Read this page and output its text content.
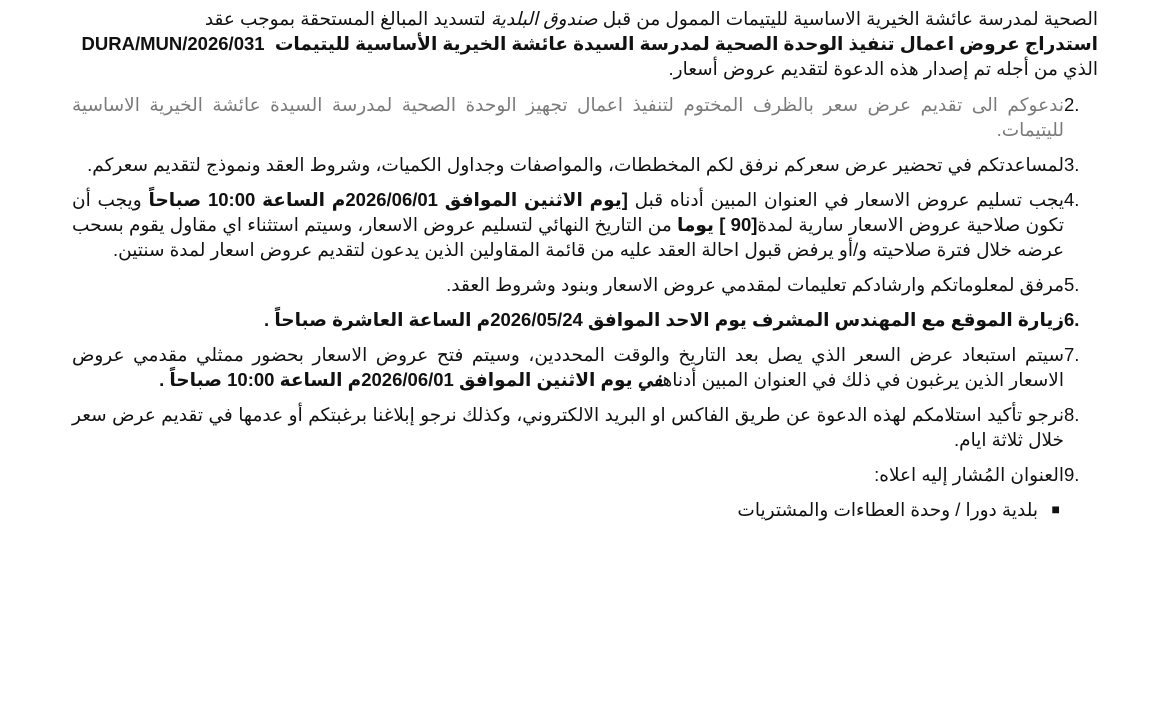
الصحية لمدرسة عائشة الخيرية الاساسية لليتيمات الممول من قبل صندوق البلدية لتسديد المبالغ المستحقة بموجب عقد
استدراج عروض اعمال تنفيذ الوحدة الصحية لمدرسة السيدة عائشة الخيرية الأساسية لليتيمات  DURA/MUN/2026/031
الذي من أجله تم إصدار هذه الدعوة لتقديم عروض أسعار.
2.
ندعوكم الى تقديم عرض سعر بالظرف المختوم لتنفيذ اعمال تجهيز الوحدة الصحية لمدرسة السيدة عائشة الخيرية الاساسية لليتيمات.
3.
لمساعدتكم في تحضير عرض سعركم نرفق لكم المخططات، والمواصفات وجداول الكميات، وشروط العقد ونموذج لتقديم سعركم.
4.
يجب تسليم عروض الاسعار في العنوان المبين أدناه قبل [يوم الاثنين الموافق 2026/06/01م الساعة 10:00 صباحاً ويجب أن تكون صلاحية عروض الاسعار سارية لمدة[90 ] يوما من التاريخ النهائي لتسليم عروض الاسعار، وسيتم استثناء اي مقاول يقوم بسحب عرضه خلال فترة صلاحيته و/أو يرفض قبول احالة العقد عليه من قائمة المقاولين الذين يدعون لتقديم عروض اسعار لمدة سنتين.
5.
مرفق لمعلوماتكم وارشادكم تعليمات لمقدمي عروض الاسعار وبنود وشروط العقد.
6.
زيارة الموقع مع المهندس المشرف يوم الاحد الموافق 2026/05/24م الساعة العاشرة صباحاً .
7.
سيتم استبعاد عرض السعر الذي يصل بعد التاريخ والوقت المحددين، وسيتم فتح عروض الاسعار بحضور ممثلي مقدمي عروض الاسعار الذين يرغبون في ذلك في العنوان المبين أدناهفي يوم الاثنين الموافق 2026/06/01م الساعة 10:00 صباحاً .
8.
نرجو تأكيد استلامكم لهذه الدعوة عن طريق الفاكس او البريد الالكتروني، وكذلك نرجو إبلاغنا برغبتكم أو عدمها في تقديم عرض سعر خلال ثلاثة ايام.
9.
العنوان المُشار إليه اعلاه:
■
بلدية دورا / وحدة العطاءات والمشتريات
